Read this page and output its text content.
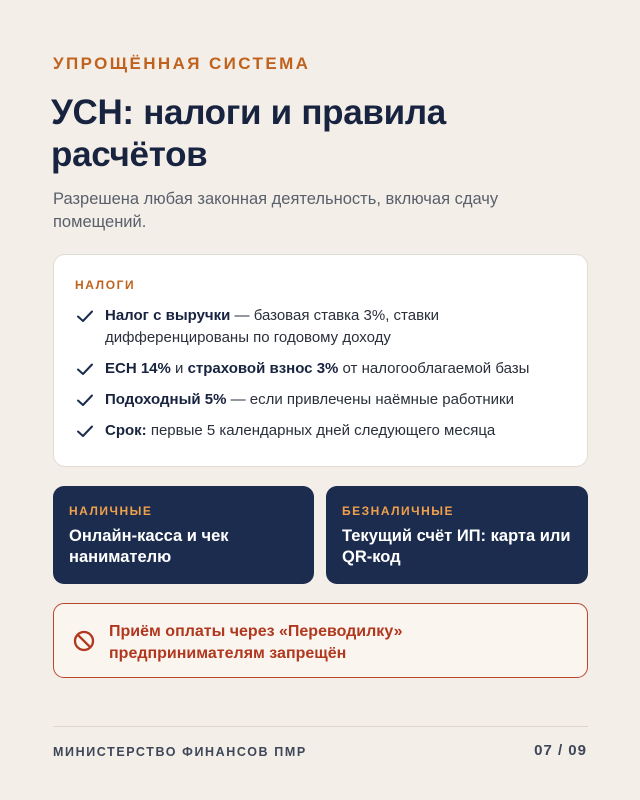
УПРОЩЁННАЯ СИСТЕМА
УСН: налоги и правила расчётов

Разрешена любая законная деятельность, включая сдачу помещений.

НАЛОГИ
Налог с выручки — базовая ставка 3%, ставки дифференцированы по годовому доходу
ЕСН 14% и страховой взнос 3% от налогооблагаемой базы
Подоходный 5% — если привлечены наёмные работники
Срок: первые 5 календарных дней следующего месяца
НАЛИЧНЫЕ
Онлайн-касса и чек нанимателю
БЕЗНАЛИЧНЫЕ
Текущий счёт ИП: карта или QR-код
Приём оплаты через «Переводилку» предпринимателям запрещён
МИНИСТЕРСТВО ФИНАНСОВ ПМР	07 / 09
